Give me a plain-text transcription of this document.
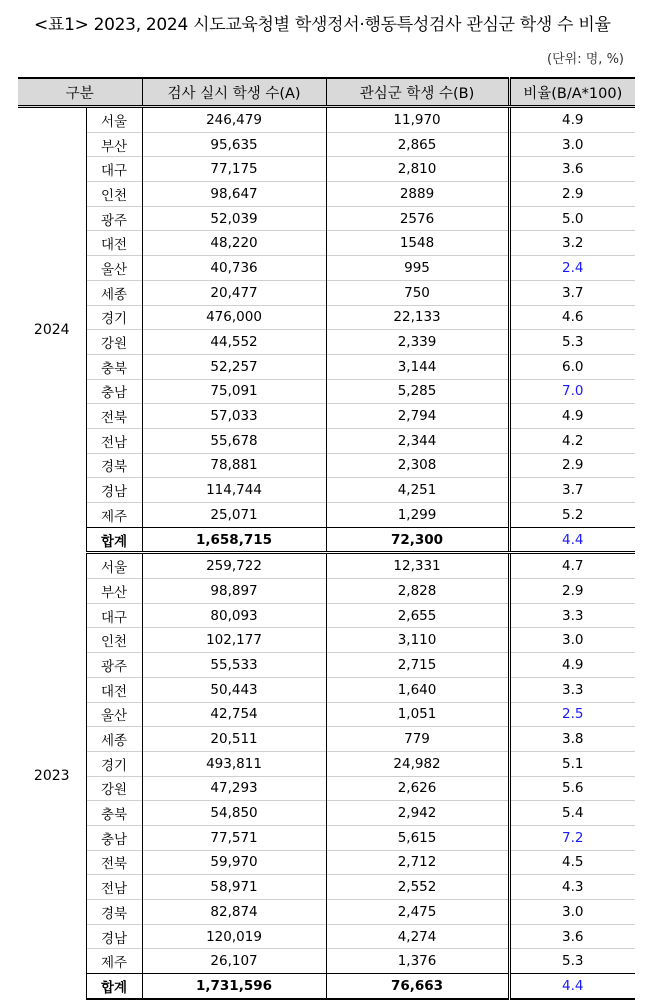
<표1> 2023, 2024 시도교육청별 학생정서·행동특성검사 관심군 학생 수 비율
(단위: 명, %)
구분		검사 실시 학생 수(A)	관심군 학생 수(B)	비율(B/A*100)
2024	서울	246,479	11,970	4.9
	부산	95,635	2,865	3.0
	대구	77,175	2,810	3.6
	인천	98,647	2889	2.9
	광주	52,039	2576	5.0
	대전	48,220	1548	3.2
	울산	40,736	995	2.4
	세종	20,477	750	3.7
	경기	476,000	22,133	4.6
	강원	44,552	2,339	5.3
	충북	52,257	3,144	6.0
	충남	75,091	5,285	7.0
	전북	57,033	2,794	4.9
	전남	55,678	2,344	4.2
	경북	78,881	2,308	2.9
	경남	114,744	4,251	3.7
	제주	25,071	1,299	5.2
	합계	1,658,715	72,300	4.4
2023	서울	259,722	12,331	4.7
	부산	98,897	2,828	2.9
	대구	80,093	2,655	3.3
	인천	102,177	3,110	3.0
	광주	55,533	2,715	4.9
	대전	50,443	1,640	3.3
	울산	42,754	1,051	2.5
	세종	20,511	779	3.8
	경기	493,811	24,982	5.1
	강원	47,293	2,626	5.6
	충북	54,850	2,942	5.4
	충남	77,571	5,615	7.2
	전북	59,970	2,712	4.5
	전남	58,971	2,552	4.3
	경북	82,874	2,475	3.0
	경남	120,019	4,274	3.6
	제주	26,107	1,376	5.3
	합계	1,731,596	76,663	4.4
